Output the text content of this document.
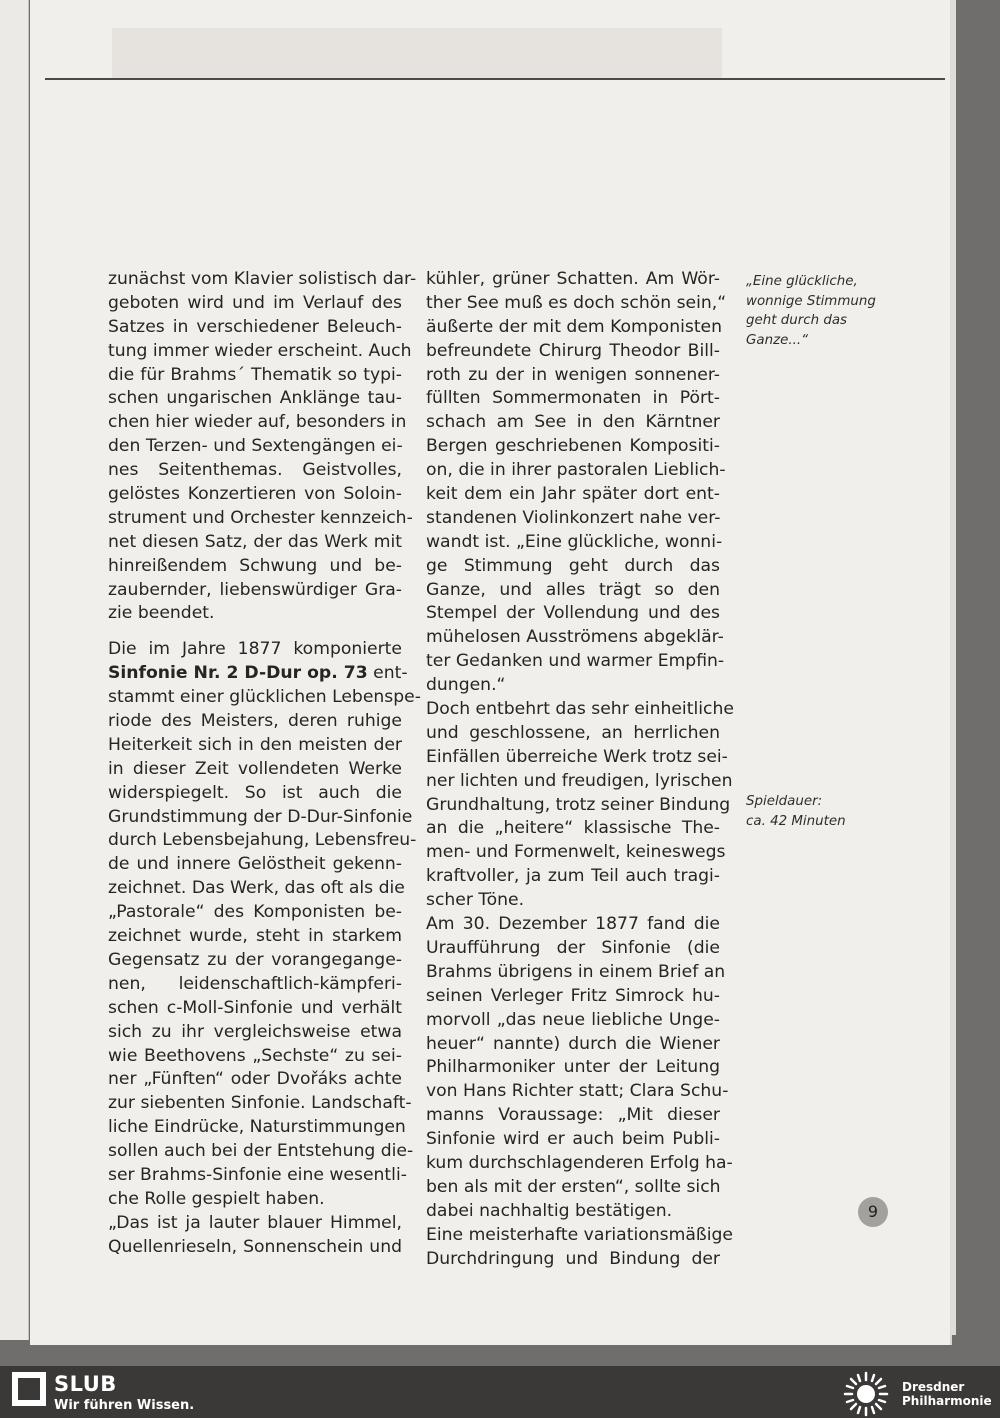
zunächst vom Klavier solistisch dar-
geboten wird und im Verlauf des
Satzes in verschiedener Beleuch-
tung immer wieder erscheint. Auch
die für Brahms´ Thematik so typi-
schen ungarischen Anklänge tau-
chen hier wieder auf, besonders in
den Terzen- und Sextengängen ei-
nes Seitenthemas. Geistvolles,
gelöstes Konzertieren von Soloin-
strument und Orchester kennzeich-
net diesen Satz, der das Werk mit
hinreißendem Schwung und be-
zaubernder, liebenswürdiger Gra-
zie beendet.
Die im Jahre 1877 komponierte
Sinfonie Nr. 2 D-Dur op. 73 ent-
stammt einer glücklichen Lebenspe-
riode des Meisters, deren ruhige
Heiterkeit sich in den meisten der
in dieser Zeit vollendeten Werke
widerspiegelt. So ist auch die
Grundstimmung der D-Dur-Sinfonie
durch Lebensbejahung, Lebensfreu-
de und innere Gelöstheit gekenn-
zeichnet. Das Werk, das oft als die
„Pastorale“ des Komponisten be-
zeichnet wurde, steht in starkem
Gegensatz zu der vorangegange-
nen, leidenschaftlich-kämpferi-
schen c-Moll-Sinfonie und verhält
sich zu ihr vergleichsweise etwa
wie Beethovens „Sechste“ zu sei-
ner „Fünften“ oder Dvořáks achte
zur siebenten Sinfonie. Landschaft-
liche Eindrücke, Naturstimmungen
sollen auch bei der Entstehung die-
ser Brahms-Sinfonie eine wesentli-
che Rolle gespielt haben.
„Das ist ja lauter blauer Himmel,
Quellenrieseln, Sonnenschein und
kühler, grüner Schatten. Am Wör-
ther See muß es doch schön sein,“
äußerte der mit dem Komponisten
befreundete Chirurg Theodor Bill-
roth zu der in wenigen sonnener-
füllten Sommermonaten in Pört-
schach am See in den Kärntner
Bergen geschriebenen Kompositi-
on, die in ihrer pastoralen Lieblich-
keit dem ein Jahr später dort ent-
standenen Violinkonzert nahe ver-
wandt ist. „Eine glückliche, wonni-
ge Stimmung geht durch das
Ganze, und alles trägt so den
Stempel der Vollendung und des
mühelosen Ausströmens abgeklär-
ter Gedanken und warmer Empfin-
dungen.“
Doch entbehrt das sehr einheitliche
und geschlossene, an herrlichen
Einfällen überreiche Werk trotz sei-
ner lichten und freudigen, lyrischen
Grundhaltung, trotz seiner Bindung
an die „heitere“ klassische The-
men- und Formenwelt, keineswegs
kraftvoller, ja zum Teil auch tragi-
scher Töne.
Am 30. Dezember 1877 fand die
Uraufführung der Sinfonie (die
Brahms übrigens in einem Brief an
seinen Verleger Fritz Simrock hu-
morvoll „das neue liebliche Unge-
heuer“ nannte) durch die Wiener
Philharmoniker unter der Leitung
von Hans Richter statt; Clara Schu-
manns Voraussage: „Mit dieser
Sinfonie wird er auch beim Publi-
kum durchschlagenderen Erfolg ha-
ben als mit der ersten“, sollte sich
dabei nachhaltig bestätigen.
Eine meisterhafte variationsmäßige
Durchdringung und Bindung der
„Eine glückliche,
wonnige Stimmung
geht durch das
Ganze...“
Spieldauer:
ca. 42 Minuten
9
SLUB
Wir führen Wissen.
Dresdner
Philharmonie
